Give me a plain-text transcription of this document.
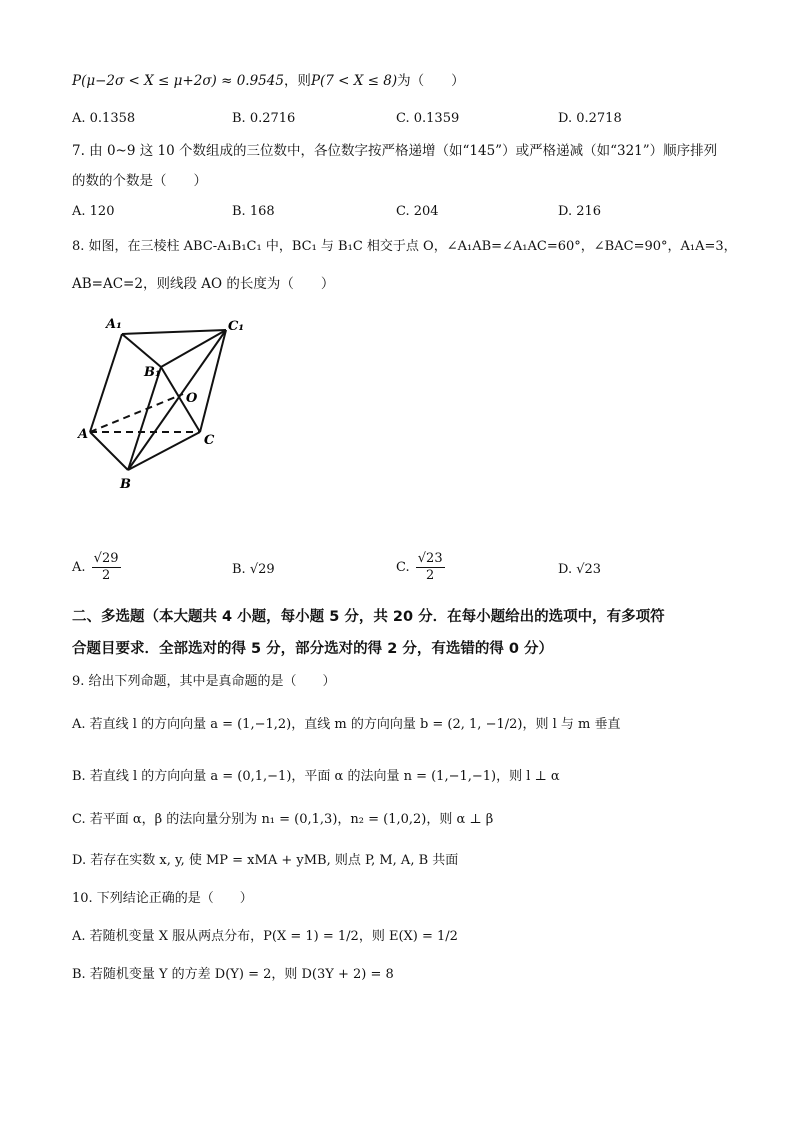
P(μ−2σ < X ≤ μ+2σ) ≈ 0.9545，则P(7 < X ≤ 8)为（　　）
A. 0.1358	B. 0.2716	C. 0.1359	D. 0.2718
7. 由 0~9 这 10 个数组成的三位数中，各位数字按严格递增（如“145”）或严格递减（如“321”）顺序排列
的数的个数是（　　）
A. 120	B. 168	C. 204	D. 216
8. 如图，在三棱柱 ABC-A₁B₁C₁ 中，BC₁ 与 B₁C 相交于点 O，∠A₁AB=∠A₁AC=60°，∠BAC=90°，A₁A=3，
AB=AC=2，则线段 AO 的长度为（　　）
A₁	C₁
B₁
O
A	C
B
A. $\frac{√29}{2}$	B. √29	C. $\frac{√23}{2}$	D. √23
二、多选题（本大题共 4 小题，每小题 5 分，共 20 分．在每小题给出的选项中，有多项符
合题目要求．全部选对的得 5 分，部分选对的得 2 分，有选错的得 0 分）
9. 给出下列命题，其中是真命题的是（　　）
A. 若直线 l 的方向向量 a = (1,−1,2)，直线 m 的方向向量 b = (2, 1, −1/2)，则 l 与 m 垂直
B. 若直线 l 的方向向量 a = (0,1,−1)，平面 α 的法向量 n = (1,−1,−1)，则 l ⊥ α
C. 若平面 α，β 的法向量分别为 n₁ = (0,1,3)，n₂ = (1,0,2)，则 α ⊥ β
D. 若存在实数 x, y, 使 MP = xMA + yMB, 则点 P, M, A, B 共面
10. 下列结论正确的是（　　）
A. 若随机变量 X 服从两点分布，P(X = 1) = 1/2，则 E(X) = 1/2
B. 若随机变量 Y 的方差 D(Y) = 2，则 D(3Y + 2) = 8
